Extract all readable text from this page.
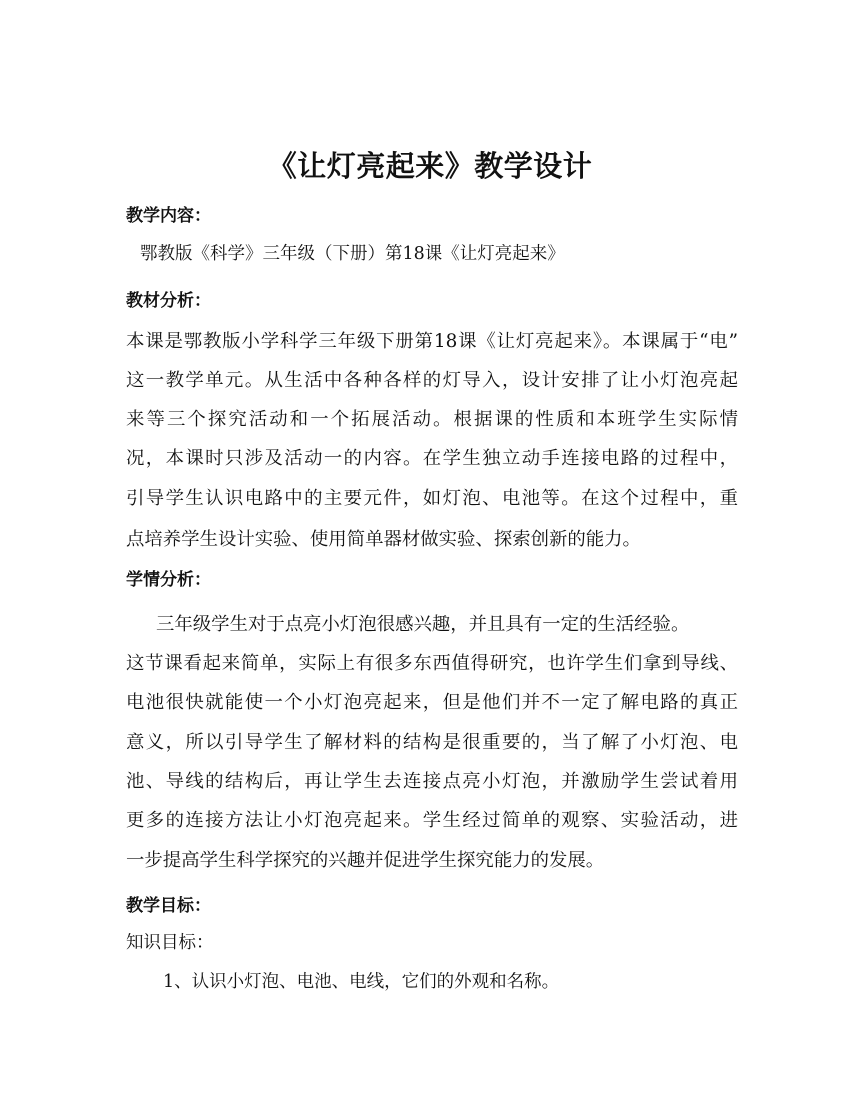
《让灯亮起来》教学设计
教学内容：
鄂教版《科学》三年级（下册）第18课《让灯亮起来》
教材分析：
本课是鄂教版小学科学三年级下册第18课《让灯亮起来》。本课属于“电”
这一教学单元。从生活中各种各样的灯导入，设计安排了让小灯泡亮起
来等三个探究活动和一个拓展活动。根据课的性质和本班学生实际情
况，本课时只涉及活动一的内容。在学生独立动手连接电路的过程中，
引导学生认识电路中的主要元件，如灯泡、电池等。在这个过程中，重
点培养学生设计实验、使用简单器材做实验、探索创新的能力。
学情分析：
三年级学生对于点亮小灯泡很感兴趣，并且具有一定的生活经验。
这节课看起来简单，实际上有很多东西值得研究，也许学生们拿到导线、
电池很快就能使一个小灯泡亮起来，但是他们并不一定了解电路的真正
意义，所以引导学生了解材料的结构是很重要的，当了解了小灯泡、电
池、导线的结构后，再让学生去连接点亮小灯泡，并激励学生尝试着用
更多的连接方法让小灯泡亮起来。学生经过简单的观察、实验活动，进
一步提高学生科学探究的兴趣并促进学生探究能力的发展。
教学目标：
知识目标：
1、认识小灯泡、电池、电线，它们的外观和名称。
